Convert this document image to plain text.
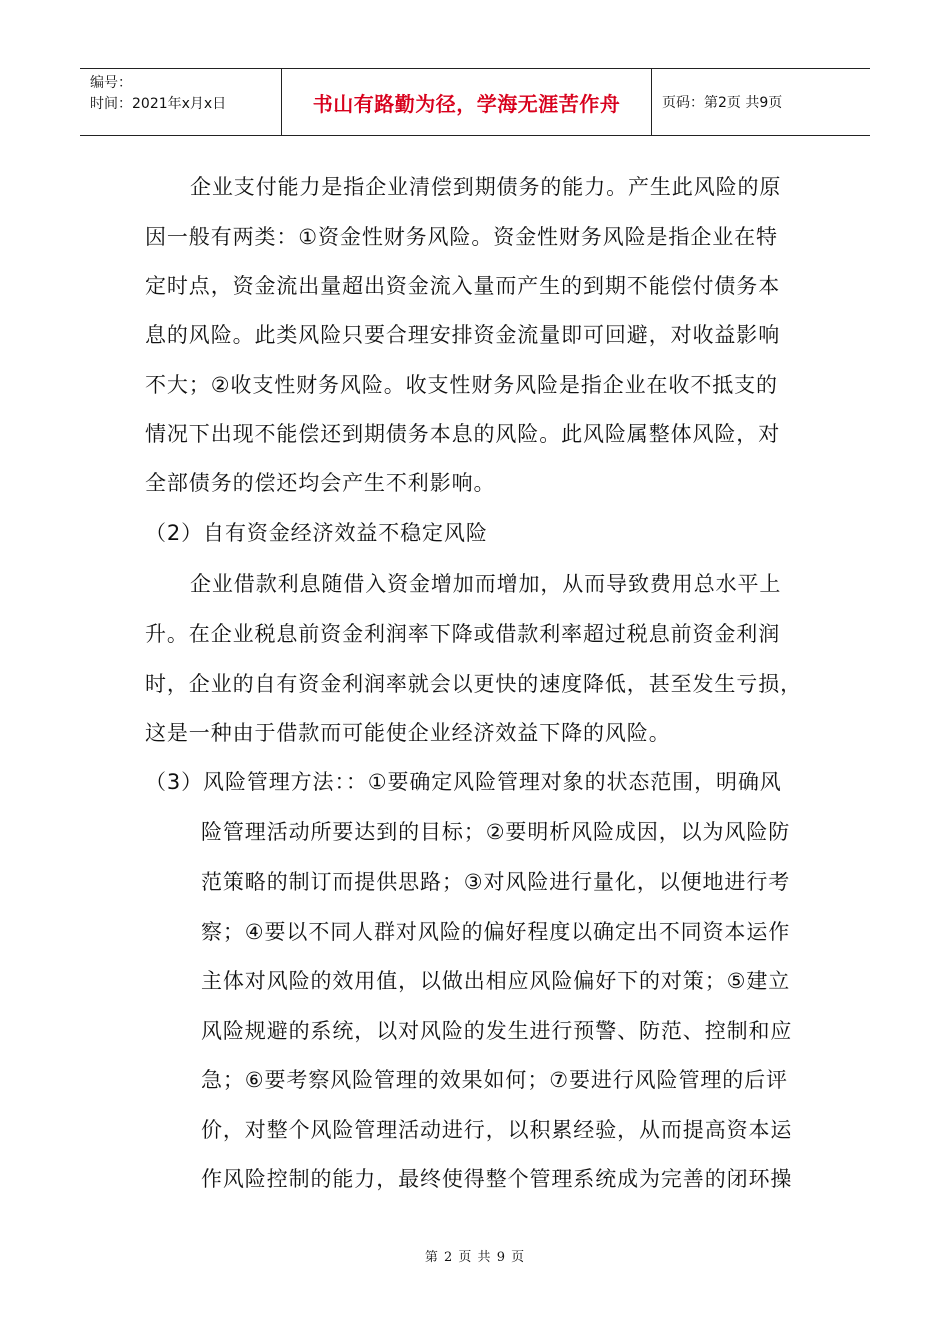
编号：
时间：2021年x月x日	书山有路勤为径，学海无涯苦作舟	页码：第2页 共9页
企业支付能力是指企业清偿到期债务的能力。产生此风险的原
因一般有两类：①资金性财务风险。资金性财务风险是指企业在特
定时点，资金流出量超出资金流入量而产生的到期不能偿付债务本
息的风险。此类风险只要合理安排资金流量即可回避，对收益影响
不大；②收支性财务风险。收支性财务风险是指企业在收不抵支的
情况下出现不能偿还到期债务本息的风险。此风险属整体风险，对
全部债务的偿还均会产生不利影响。
（2）自有资金经济效益不稳定风险
企业借款利息随借入资金增加而增加，从而导致费用总水平上
升。在企业税息前资金利润率下降或借款利率超过税息前资金利润
时，企业的自有资金利润率就会以更快的速度降低，甚至发生亏损，
这是一种由于借款而可能使企业经济效益下降的风险。
（3）风险管理方法：：①要确定风险管理对象的状态范围，明确风
险管理活动所要达到的目标；②要明析风险成因，以为风险防
范策略的制订而提供思路；③对风险进行量化，以便地进行考
察；④要以不同人群对风险的偏好程度以确定出不同资本运作
主体对风险的效用值，以做出相应风险偏好下的对策；⑤建立
风险规避的系统，以对风险的发生进行预警、防范、控制和应
急；⑥要考察风险管理的效果如何；⑦要进行风险管理的后评
价，对整个风险管理活动进行，以积累经验，从而提高资本运
作风险控制的能力，最终使得整个管理系统成为完善的闭环操
第 2 页 共 9 页
